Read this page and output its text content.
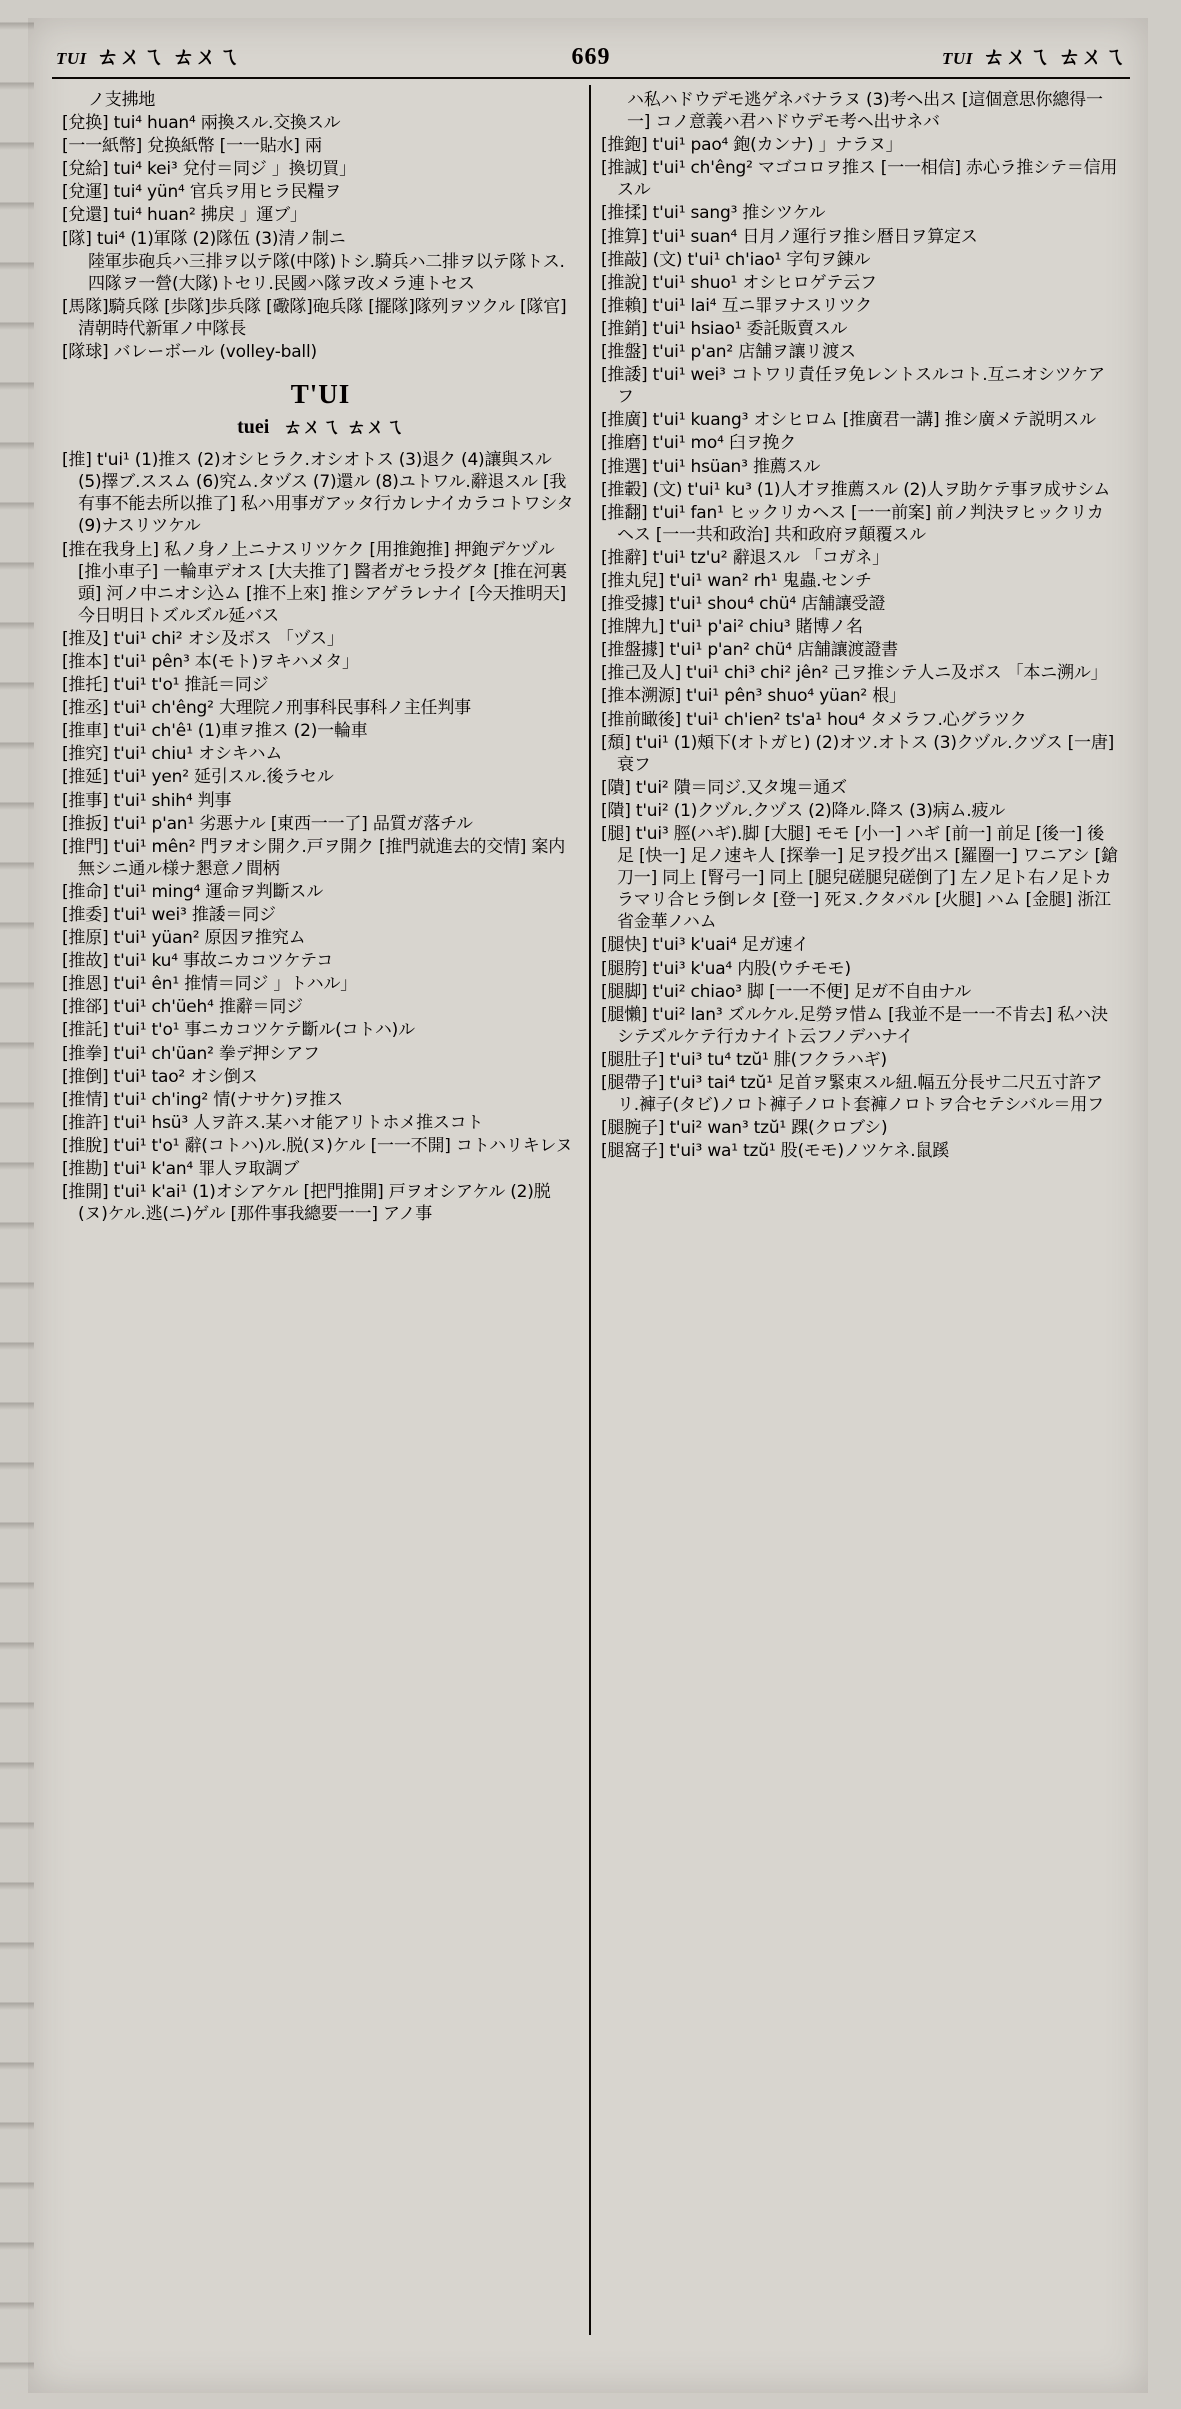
TUI ㄊㄨㄟ ㄊㄨㄟ	669	TUI ㄊㄨㄟ ㄊㄨㄟ
ノ支拂地
[兌换] tui⁴ huan⁴ 兩換スル.交換スル
[一一紙幣] 兌换紙幣 [一一貼水] 兩
[兌給] tui⁴ kei³ 兌付＝同ジ 」換切買」
[兌運] tui⁴ yün⁴ 官兵ヲ用ヒラ民糧ヲ
[兌還] tui⁴ huan² 拂戻 」運ブ」
[隊] tui⁴ (1)軍隊 (2)隊伍 (3)清ノ制ニ
陸軍歩砲兵ハ三排ヲ以テ隊(中隊)トシ.騎兵ハ二排ヲ以テ隊トス.四隊ヲ一營(大隊)トセリ.民國ハ隊ヲ改メラ連トセス
[馬隊]騎兵隊 [歩隊]歩兵隊 [礮隊]砲兵隊 [擺隊]隊列ヲツクル [隊官]清朝時代新軍ノ中隊長
[隊球] バレーボール (volley-ball)
T'UI
tuei ㄊㄨㄟ ㄊㄨㄟ
[推] t'ui¹ (1)推ス (2)オシヒラク.オシオトス (3)退ク (4)讓與スル (5)擇ブ.ススム (6)究ム.タヅス (7)還ル (8)ユトワル.辭退スル [我有事不能去所以推了] 私ハ用事ガアッタ行カレナイカラコトワシタ (9)ナスリツケル
[推在我身上] 私ノ身ノ上ニナスリツケク [用推鉋推] 押鉋デケヅル [推小車子] 一輪車デオス [大夫推了] 醫者ガセラ投グタ [推在河裏頭] 河ノ中ニオシ込ム [推不上來] 推シアゲラレナイ [今天推明天] 今日明日トズルズル延バス
[推及] t'ui¹ chi² オシ及ボス 「ヅス」
[推本] t'ui¹ pên³ 本(モト)ヲキハメタ」
[推托] t'ui¹ t'o¹ 推託＝同ジ
[推丞] t'ui¹ ch'êng² 大理院ノ刑事科民事科ノ主任判事
[推車] t'ui¹ ch'ê¹ (1)車ヲ推ス (2)一輪車
[推究] t'ui¹ chiu¹ オシキハム
[推延] t'ui¹ yen² 延引スル.後ラセル
[推事] t'ui¹ shih⁴ 判事
[推扳] t'ui¹ p'an¹ 劣悪ナル [東西一一了] 品質ガ落チル
[推門] t'ui¹ mên² 門ヲオシ開ク.戸ヲ開ク [推門就進去的交情] 案内無シニ通ル様ナ懇意ノ間柄
[推命] t'ui¹ ming⁴ 運命ヲ判斷スル
[推委] t'ui¹ wei³ 推諉＝同ジ
[推原] t'ui¹ yüan² 原因ヲ推究ム
[推故] t'ui¹ ku⁴ 事故ニカコツケテコ
[推恩] t'ui¹ ên¹ 推情＝同ジ 」トハル」
[推郤] t'ui¹ ch'üeh⁴ 推辭＝同ジ
[推託] t'ui¹ t'o¹ 事ニカコツケテ斷ル(コトハ)ル
[推拳] t'ui¹ ch'üan² 拳デ押シアフ
[推倒] t'ui¹ tao² オシ倒ス
[推情] t'ui¹ ch'ing² 情(ナサケ)ヲ推ス
[推許] t'ui¹ hsü³ 人ヲ許ス.某ハオ能アリトホメ推スコト
[推脫] t'ui¹ t'o¹ 辭(コトハ)ル.脱(ヌ)ケル [一一不開] コトハリキレヌ
[推勘] t'ui¹ k'an⁴ 罪人ヲ取調ブ
[推開] t'ui¹ k'ai¹ (1)オシアケル [把門推開] 戸ヲオシアケル (2)脱(ヌ)ケル.逃(ニ)ゲル [那件事我總要一一] アノ事
ハ私ハドウデモ逃ゲネバナラヌ (3)考ヘ出ス [這個意思你總得一一] コノ意義ハ君ハドウデモ考ヘ出サネバ
[推鉋] t'ui¹ pao⁴ 鉋(カンナ) 」ナラヌ」
[推誠] t'ui¹ ch'êng² マゴコロヲ推ス [一一相信] 赤心ラ推シテ＝信用スル
[推揉] t'ui¹ sang³ 推シツケル
[推算] t'ui¹ suan⁴ 日月ノ運行ヲ推シ暦日ヲ算定ス
[推敲] (文) t'ui¹ ch'iao¹ 字句ヲ錬ル
[推說] t'ui¹ shuo¹ オシヒロゲテ云フ
[推賴] t'ui¹ lai⁴ 互ニ罪ヲナスリツク
[推銷] t'ui¹ hsiao¹ 委託販賣スル
[推盤] t'ui¹ p'an² 店舗ヲ讓リ渡ス
[推諉] t'ui¹ wei³ コトワリ責任ヲ免レントスルコト.互ニオシツケアフ
[推廣] t'ui¹ kuang³ オシヒロム [推廣君一講] 推シ廣メテ説明スル
[推磨] t'ui¹ mo⁴ 臼ヲ挽ク
[推選] t'ui¹ hsüan³ 推薦スル
[推轂] (文) t'ui¹ ku³ (1)人才ヲ推薦スル (2)人ヲ助ケテ事ヲ成サシム
[推翻] t'ui¹ fan¹ ヒックリカヘス [一一前案] 前ノ判決ヲヒックリカヘス [一一共和政治] 共和政府ヲ顛覆スル
[推辭] t'ui¹ tz'u² 辭退スル 「コガネ」
[推丸兒] t'ui¹ wan² rh¹ 鬼蟲.センチ
[推受據] t'ui¹ shou⁴ chü⁴ 店舗讓受證
[推牌九] t'ui¹ p'ai² chiu³ 賭博ノ名
[推盤據] t'ui¹ p'an² chü⁴ 店舗讓渡證書
[推己及人] t'ui¹ chi³ chi² jên² 己ヲ推シテ人ニ及ボス 「本ニ溯ル」
[推本溯源] t'ui¹ pên³ shuo⁴ yüan² 根」
[推前瞰後] t'ui¹ ch'ien² ts'a¹ hou⁴ タメラフ.心グラツク
[頹] t'ui¹ (1)頰下(オトガヒ) (2)オツ.オトス (3)クヅル.クヅス [一唐] 衰フ
[隤] t'ui² 隤＝同ジ.又タ塊＝通ズ
[隤] t'ui² (1)クヅル.クヅス (2)降ル.降ス (3)病ム.疲ル
[腿] t'ui³ 脛(ハギ).脚 [大腿] モモ [小一] ハギ [前一] 前足 [後一] 後足 [快一] 足ノ速キ人 [探拳一] 足ヲ投グ出ス [羅圈一] ワニアシ [鎗刀一] 同上 [腎弓一] 同上 [腿兒磋腿兒磋倒了] 左ノ足ト右ノ足トカラマリ合ヒラ倒レタ [登一] 死ヌ.クタバル [火腿] ハム [金腿] 浙江省金華ノハム
[腿快] t'ui³ k'uai⁴ 足ガ速イ
[腿胯] t'ui³ k'ua⁴ 内股(ウチモモ)
[腿脚] t'ui² chiao³ 脚 [一一不便] 足ガ不自由ナル
[腿懶] t'ui² lan³ ズルケル.足勞ヲ惜ム [我並不是一一不肯去] 私ハ決シテズルケテ行カナイト云フノデハナイ
[腿肚子] t'ui³ tu⁴ tzŭ¹ 腓(フクラハギ)
[腿帶子] t'ui³ tai⁴ tzŭ¹ 足首ヲ緊束スル紐.幅五分長サ二尺五寸許アリ.褲子(タビ)ノロト褲子ノロト套褲ノロトヲ合セテシバル＝用フ
[腿腕子] t'ui² wan³ tzŭ¹ 踝(クロブシ)
[腿窩子] t'ui³ wa¹ tzŭ¹ 股(モモ)ノツケネ.鼠蹊
